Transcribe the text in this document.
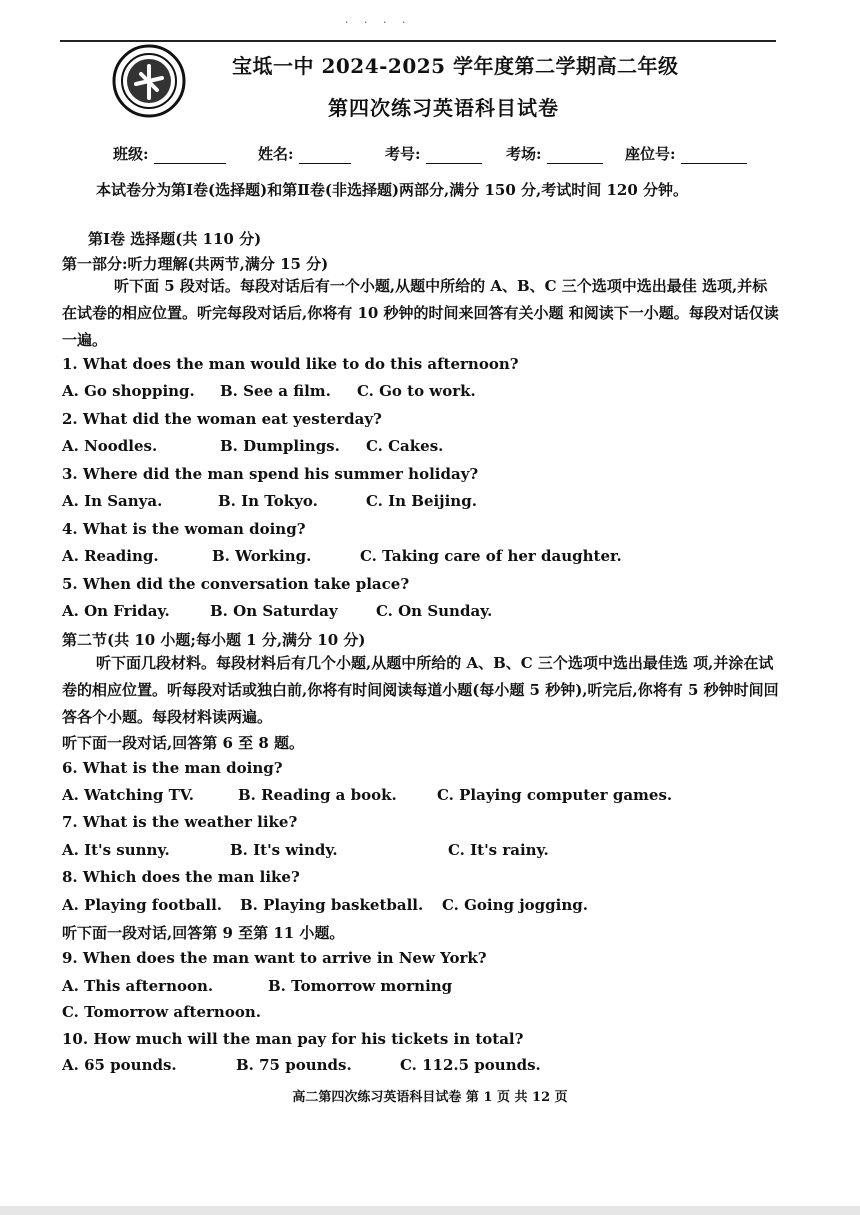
· · · ·
宝坻一中 2024-2025 学年度第二学期高二年级
第四次练习英语科目试卷
班级:	姓名:	考号:	考场:	座位号:
本试卷分为第Ⅰ卷(选择题)和第Ⅱ卷(非选择题)两部分,满分 150 分,考试时间 120 分钟。
第Ⅰ卷 选择题(共 110 分)
第一部分:听力理解(共两节,满分 15 分)
听下面 5 段对话。每段对话后有一个小题,从题中所给的 A、B、C 三个选项中选出最佳 选项,并标在试卷的相应位置。听完每段对话后,你将有 10 秒钟的时间来回答有关小题 和阅读下一小题。每段对话仅读一遍。
1. What does the man would like to do this afternoon?
A. Go shopping. B. See a film. C. Go to work.
2. What did the woman eat yesterday?
A. Noodles.	B. Dumplings. C. Cakes.
3. Where did the man spend his summer holiday?
A. In Sanya.	B. In Tokyo.	C. In Beijing.
4. What is the woman doing?
A. Reading.	B. Working.	C. Taking care of her daughter.
5. When did the conversation take place?
A. On Friday.	B. On Saturday	C. On Sunday.
第二节(共 10 小题;每小题 1 分,满分 10 分)
听下面几段材料。每段材料后有几个小题,从题中所给的 A、B、C 三个选项中选出最佳选 项,并涂在试卷的相应位置。听每段对话或独白前,你将有时间阅读每道小题(每小题 5 秒钟),听完后,你将有 5 秒钟时间回答各个小题。每段材料读两遍。
听下面一段对话,回答第 6 至 8 题。
6. What is the man doing?
A. Watching TV.	B. Reading a book.	C. Playing computer games.
7. What is the weather like?
A. It's sunny.	B. It's windy.	C. It's rainy.
8. Which does the man like?
A. Playing football. B. Playing basketball. C. Going jogging.
听下面一段对话,回答第 9 至第 11 小题。
9. When does the man want to arrive in New York?
A. This afternoon.	B. Tomorrow morning
C. Tomorrow afternoon.
10. How much will the man pay for his tickets in total?
A. 65 pounds.	B. 75 pounds.	C. 112.5 pounds.
高二第四次练习英语科目试卷 第 1 页 共 12 页
